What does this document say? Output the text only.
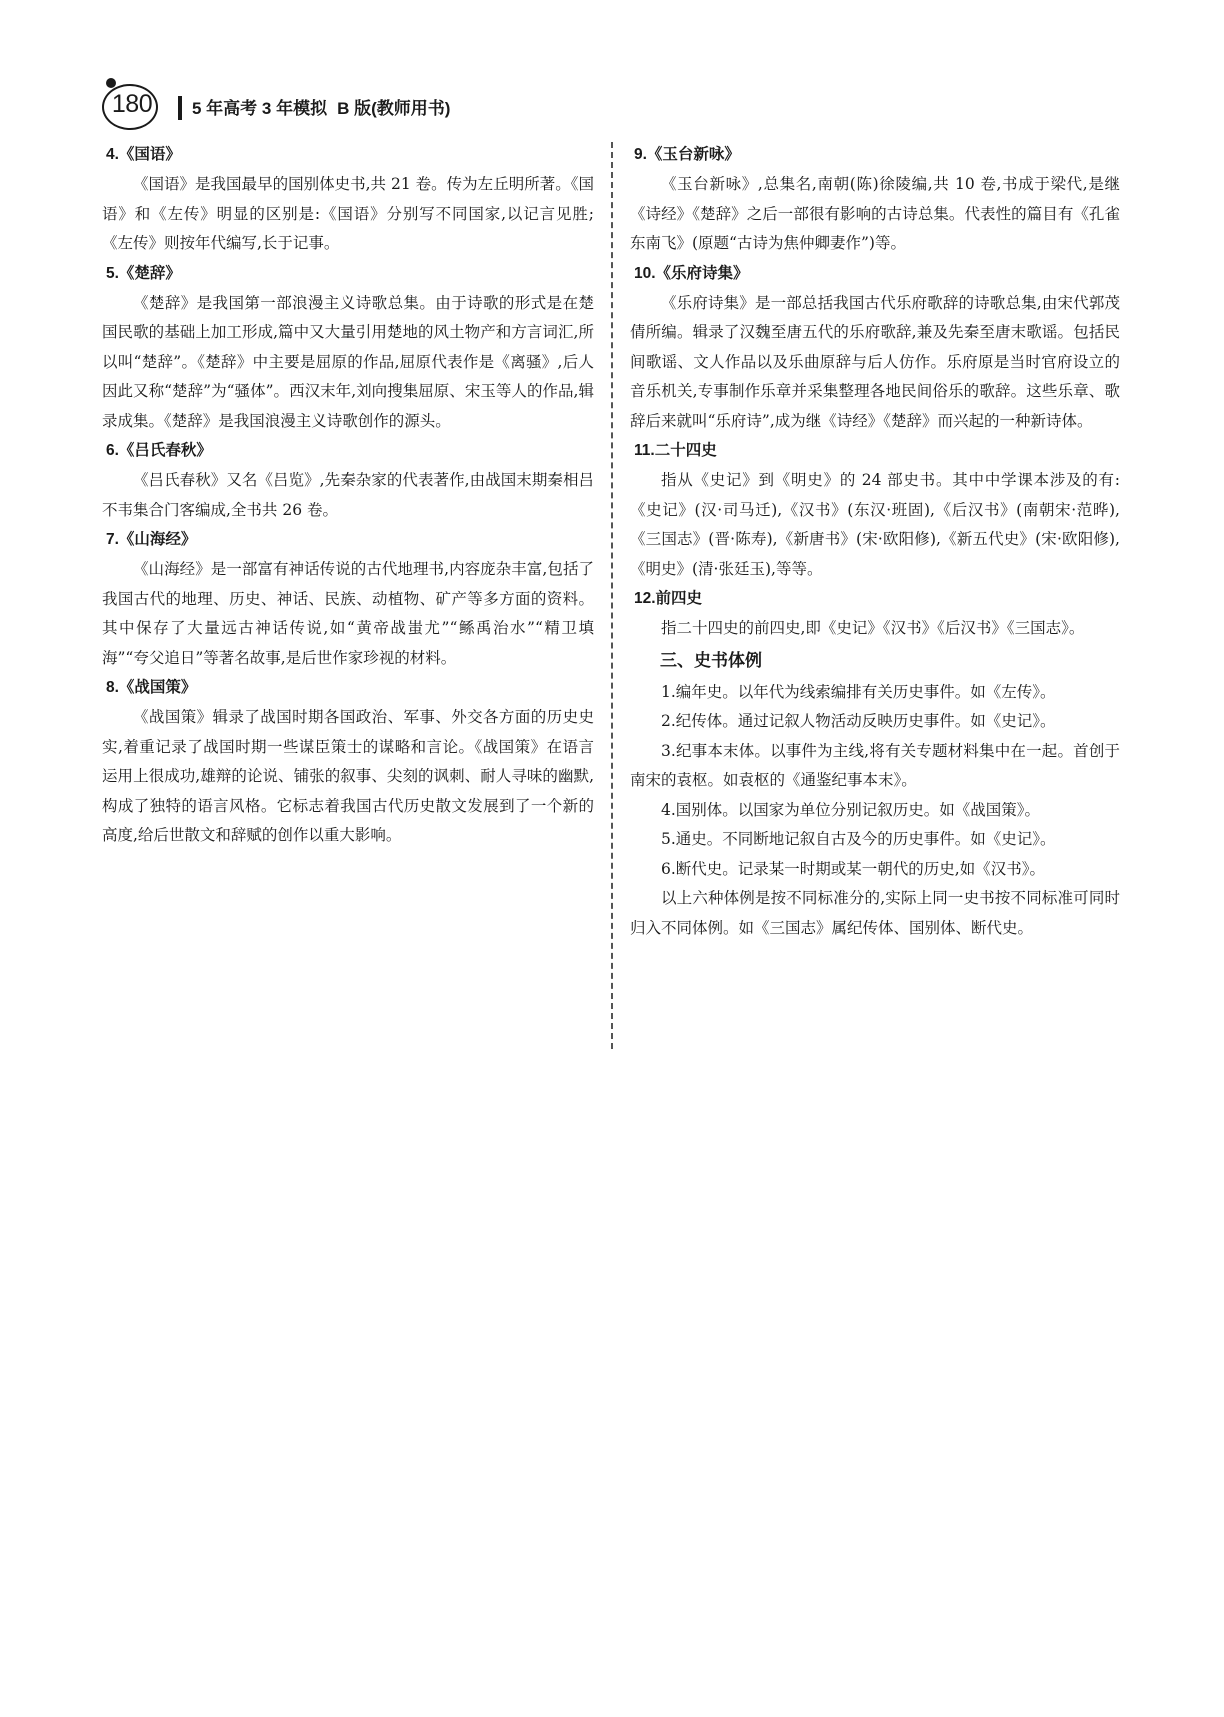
180	5 年高考 3 年模拟 B 版(教师用书)
4.《国语》

《国语》是我国最早的国别体史书,共 21 卷。传为左丘明所著。《国语》和《左传》明显的区别是:《国语》分别写不同国家,以记言见胜;《左传》则按年代编写,长于记事。

5.《楚辞》

《楚辞》是我国第一部浪漫主义诗歌总集。由于诗歌的形式是在楚国民歌的基础上加工形成,篇中又大量引用楚地的风土物产和方言词汇,所以叫“楚辞”。《楚辞》中主要是屈原的作品,屈原代表作是《离骚》,后人因此又称“楚辞”为“骚体”。西汉末年,刘向搜集屈原、宋玉等人的作品,辑录成集。《楚辞》是我国浪漫主义诗歌创作的源头。

6.《吕氏春秋》

《吕氏春秋》又名《吕览》,先秦杂家的代表著作,由战国末期秦相吕不韦集合门客编成,全书共 26 卷。

7.《山海经》

《山海经》是一部富有神话传说的古代地理书,内容庞杂丰富,包括了我国古代的地理、历史、神话、民族、动植物、矿产等多方面的资料。其中保存了大量远古神话传说,如“黄帝战蚩尤”“鲧禹治水”“精卫填海”“夸父追日”等著名故事,是后世作家珍视的材料。

8.《战国策》

《战国策》辑录了战国时期各国政治、军事、外交各方面的历史史实,着重记录了战国时期一些谋臣策士的谋略和言论。《战国策》在语言运用上很成功,雄辩的论说、铺张的叙事、尖刻的讽刺、耐人寻味的幽默,构成了独特的语言风格。它标志着我国古代历史散文发展到了一个新的高度,给后世散文和辞赋的创作以重大影响。

9.《玉台新咏》

《玉台新咏》,总集名,南朝(陈)徐陵编,共 10 卷,书成于梁代,是继《诗经》《楚辞》之后一部很有影响的古诗总集。代表性的篇目有《孔雀东南飞》(原题“古诗为焦仲卿妻作”)等。

10.《乐府诗集》

《乐府诗集》是一部总括我国古代乐府歌辞的诗歌总集,由宋代郭茂倩所编。辑录了汉魏至唐五代的乐府歌辞,兼及先秦至唐末歌谣。包括民间歌谣、文人作品以及乐曲原辞与后人仿作。乐府原是当时官府设立的音乐机关,专事制作乐章并采集整理各地民间俗乐的歌辞。这些乐章、歌辞后来就叫“乐府诗”,成为继《诗经》《楚辞》而兴起的一种新诗体。

11.二十四史

指从《史记》到《明史》的 24 部史书。其中中学课本涉及的有:《史记》(汉·司马迁),《汉书》(东汉·班固),《后汉书》(南朝宋·范晔),《三国志》(晋·陈寿),《新唐书》(宋·欧阳修),《新五代史》(宋·欧阳修),《明史》(清·张廷玉),等等。

12.前四史

指二十四史的前四史,即《史记》《汉书》《后汉书》《三国志》。

三、史书体例

1.编年史。以年代为线索编排有关历史事件。如《左传》。

2.纪传体。通过记叙人物活动反映历史事件。如《史记》。

3.纪事本末体。以事件为主线,将有关专题材料集中在一起。首创于南宋的袁枢。如袁枢的《通鉴纪事本末》。

4.国别体。以国家为单位分别记叙历史。如《战国策》。

5.通史。不同断地记叙自古及今的历史事件。如《史记》。

6.断代史。记录某一时期或某一朝代的历史,如《汉书》。

以上六种体例是按不同标准分的,实际上同一史书按不同标准可同时归入不同体例。如《三国志》属纪传体、国别体、断代史。
